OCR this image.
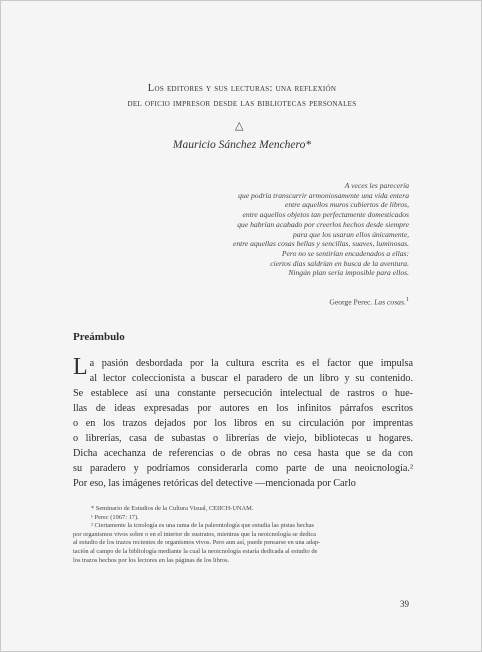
Los editores y sus lecturas: una reflexión
del oficio impresor desde las bibliotecas personales
△
Mauricio Sánchez Menchero*
A veces les parecería
que podría transcurrir armoniosamente una vida entera
entre aquellos muros cubiertos de libros,
entre aquellos objetos tan perfectamente domesticados
que habrían acabado por creerlos hechos desde siempre
para que los usaran ellos únicamente,
entre aquellas cosas bellas y sencillas, suaves, luminosas.
Pero no se sentirían encadenados a ellas:
ciertos días saldrían en busca de la aventura.
Ningún plan sería imposible para ellos.
George Perec. Las cosas.$^1$
Preámbulo
L a pasión desbordada por la cultura escrita es el factor que impulsa
al lector coleccionista a buscar el paradero de un libro y su contenido.
Se establece así una constante persecución intelectual de rastros o hue-
llas de ideas expresadas por autores en los infinitos párrafos escritos
o en los trazos dejados por los libros en su circulación por imprentas
o librerías, casa de subastas o librerías de viejo, bibliotecas u hogares.
Dicha acechanza de referencias o de obras no cesa hasta que se da con
su paradero y podríamos considerarla como parte de una neoicnología.²
Por eso, las imágenes retóricas del detective —mencionada por Carlo
* Seminario de Estudios de la Cultura Visual, CEIICH-UNAM.
¹ Perec (1967: 17).
² Ciertamente la icnología es una rama de la paleontología que estudia las pistas hechas
por organismos vivos sobre o en el interior de sustratos, mientras que la neoicnología se dedica
al estudio de los trazos recientes de organismos vivos. Pero aun así, puede pensarse en una adap-
tación al campo de la bibliología mediante la cual la neoicnología estaría dedicada al estudio de
los trazos hechos por los lectores en las páginas de los libros.
39
